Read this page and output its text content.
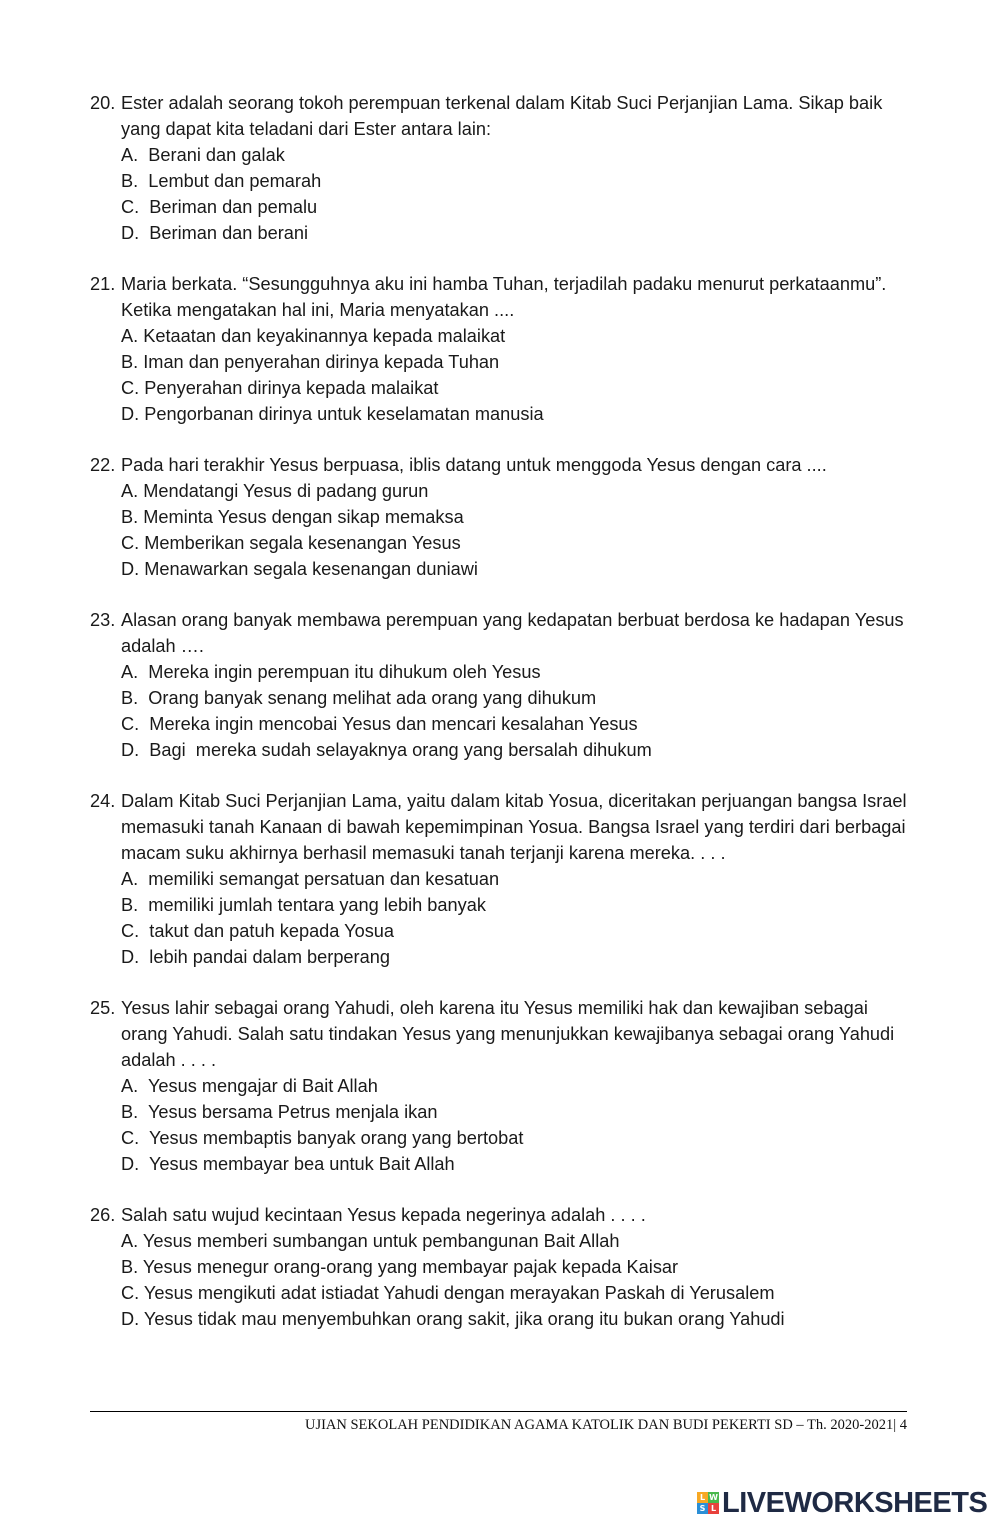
20. Ester adalah seorang tokoh perempuan terkenal dalam Kitab Suci Perjanjian Lama. Sikap baik yang dapat kita teladani dari Ester antara lain:
A.  Berani dan galak
B.  Lembut dan pemarah
C.  Beriman dan pemalu
D.  Beriman dan berani
21. Maria berkata. “Sesungguhnya aku ini hamba Tuhan, terjadilah padaku menurut perkataanmu”. Ketika mengatakan hal ini, Maria menyatakan ....
A. Ketaatan dan keyakinannya kepada malaikat
B. Iman dan penyerahan dirinya kepada Tuhan
C. Penyerahan dirinya kepada malaikat
D. Pengorbanan dirinya untuk keselamatan manusia
22. Pada hari terakhir Yesus berpuasa, iblis datang untuk menggoda Yesus dengan cara ....
A. Mendatangi Yesus di padang gurun
B. Meminta Yesus dengan sikap memaksa
C. Memberikan segala kesenangan Yesus
D. Menawarkan segala kesenangan duniawi
23. Alasan orang banyak membawa perempuan yang kedapatan berbuat berdosa ke hadapan Yesus adalah ….
A.  Mereka ingin perempuan itu dihukum oleh Yesus
B.  Orang banyak senang melihat ada orang yang dihukum
C.  Mereka ingin mencobai Yesus dan mencari kesalahan Yesus
D.  Bagi  mereka sudah selayaknya orang yang bersalah dihukum
24. Dalam Kitab Suci Perjanjian Lama, yaitu dalam kitab Yosua, diceritakan perjuangan bangsa Israel memasuki tanah Kanaan di bawah kepemimpinan Yosua. Bangsa Israel yang terdiri dari berbagai macam suku akhirnya berhasil memasuki tanah terjanji karena mereka. . . .
A.  memiliki semangat persatuan dan kesatuan
B.  memiliki jumlah tentara yang lebih banyak
C.  takut dan patuh kepada Yosua
D.  lebih pandai dalam berperang
25. Yesus lahir sebagai orang Yahudi, oleh karena itu Yesus memiliki hak dan kewajiban sebagai orang Yahudi. Salah satu tindakan Yesus yang menunjukkan kewajibanya sebagai orang Yahudi adalah . . . .
A.  Yesus mengajar di Bait Allah
B.  Yesus bersama Petrus menjala ikan
C.  Yesus membaptis banyak orang yang bertobat
D.  Yesus membayar bea untuk Bait Allah
26. Salah satu wujud kecintaan Yesus kepada negerinya adalah . . . .
A. Yesus memberi sumbangan untuk pembangunan Bait Allah
B. Yesus menegur orang-orang yang membayar pajak kepada Kaisar
C. Yesus mengikuti adat istiadat Yahudi dengan merayakan Paskah di Yerusalem
D. Yesus tidak mau menyembuhkan orang sakit, jika orang itu bukan orang Yahudi
UJIAN SEKOLAH PENDIDIKAN AGAMA KATOLIK DAN BUDI PEKERTI SD – Th. 2020-2021| 4
L W
S L LIVEWORKSHEETS
